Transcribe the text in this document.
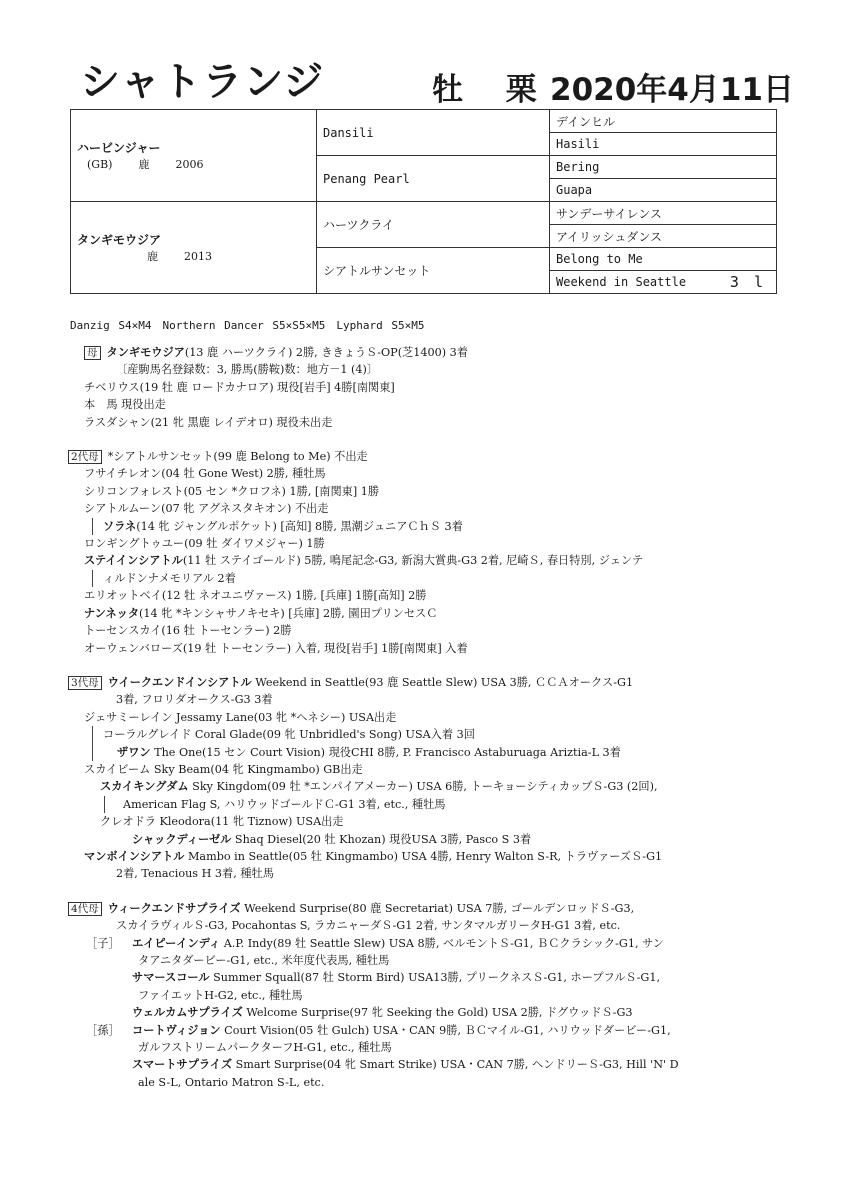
シャトランジ	牡 栗
2020年4月11日
ハービンジャー
(GB) 鹿 2006	Dansili	デインヒル
		Hasili
	Penang Pearl	Bering
		Guapa

タンギモウジア
鹿 2013	ハーツクライ	サンデーサイレンス
		アイリッシュダンス
	シアトルサンセット	Belong to Me
		Weekend in Seattle 3 l
Danzig S4×M4　Northern Dancer S5×S5×M5　Lyphard S5×M5
母 タンギモウジア(13 鹿 ハーツクライ) 2勝, ききょうＳ-OP(芝1400) 3着
〔産駒馬名登録数：3, 勝馬(勝鞍)数：地方－1 (4)〕
チベリウス(19 牡 鹿 ロードカナロア) 現役[岩手] 4勝[南関東]
本　馬 現役出走
ラスダシャン(21 牝 黒鹿 レイデオロ) 現役未出走
2代母 *シアトルサンセット(99 鹿 Belong to Me) 不出走
フサイチレオン(04 牡 Gone West) 2勝, 種牡馬
シリコンフォレスト(05 セン *クロフネ) 1勝, [南関東] 1勝
シアトルムーン(07 牝 アグネスタキオン) 不出走
ソラネ(14 牝 ジャングルポケット) [高知] 8勝, 黒潮ジュニアＣｈＳ 3着
ロンギングトゥユー(09 牡 ダイワメジャー) 1勝
ステイインシアトル(11 牡 ステイゴールド) 5勝, 鳴尾記念-G3, 新潟大賞典-G3 2着, 尼崎Ｓ, 春日特別, ジェンテ
ィルドンナメモリアル 2着
エリオットベイ(12 牡 ネオユニヴァース) 1勝, [兵庫] 1勝[高知] 2勝
ナンネッタ(14 牝 *キンシャサノキセキ) [兵庫] 2勝, 園田プリンセスＣ
トーセンスカイ(16 牡 トーセンラー) 2勝
オーウェンバローズ(19 牡 トーセンラー) 入着, 現役[岩手] 1勝[南関東] 入着
3代母 ウイークエンドインシアトル Weekend in Seattle(93 鹿 Seattle Slew) USA 3勝, ＣＣＡオークス-G1
3着, フロリダオークス-G3 3着
ジェサミーレイン Jessamy Lane(03 牝 *ヘネシー) USA出走
コーラルグレイド Coral Glade(09 牝 Unbridled's Song) USA入着 3回
ザワン The One(15 セン Court Vision) 現役CHI 8勝, P. Francisco Astaburuaga Ariztia-L 3着
スカイビーム Sky Beam(04 牝 Kingmambo) GB出走
スカイキングダム Sky Kingdom(09 牡 *エンパイアメーカー) USA 6勝, トーキョーシティカップＳ-G3 (2回),
American Flag S, ハリウッドゴールドＣ-G1 3着, etc., 種牡馬
クレオドラ Kleodora(11 牝 Tiznow) USA出走
シャックディーゼル Shaq Diesel(20 牡 Khozan) 現役USA 3勝, Pasco S 3着
マンボインシアトル Mambo in Seattle(05 牡 Kingmambo) USA 4勝, Henry Walton S-R, トラヴァーズＳ-G1
2着, Tenacious H 3着, 種牡馬
4代母 ウィークエンドサプライズ Weekend Surprise(80 鹿 Secretariat) USA 7勝, ゴールデンロッドＳ-G3,
スカイラヴィルＳ-G3, Pocahontas S, ラカニャーダＳ-G1 2着, サンタマルガリータH-G1 3着, etc.
［子］ エイピーインディ A.P. Indy(89 牡 Seattle Slew) USA 8勝, ベルモントＳ-G1, ＢＣクラシック-G1, サン
タアニタダービー-G1, etc., 米年度代表馬, 種牡馬
サマースコール Summer Squall(87 牡 Storm Bird) USA13勝, プリークネスＳ-G1, ホープフルＳ-G1,
ファイエットH-G2, etc., 種牡馬
ウェルカムサプライズ Welcome Surprise(97 牝 Seeking the Gold) USA 2勝, ドグウッドＳ-G3
［孫］ コートヴィジョン Court Vision(05 牡 Gulch) USA・CAN 9勝, ＢＣマイル-G1, ハリウッドダービー-G1,
ガルフストリームパークターフH-G1, etc., 種牡馬
スマートサプライズ Smart Surprise(04 牝 Smart Strike) USA・CAN 7勝, ヘンドリーＳ-G3, Hill 'N' D
ale S-L, Ontario Matron S-L, etc.
